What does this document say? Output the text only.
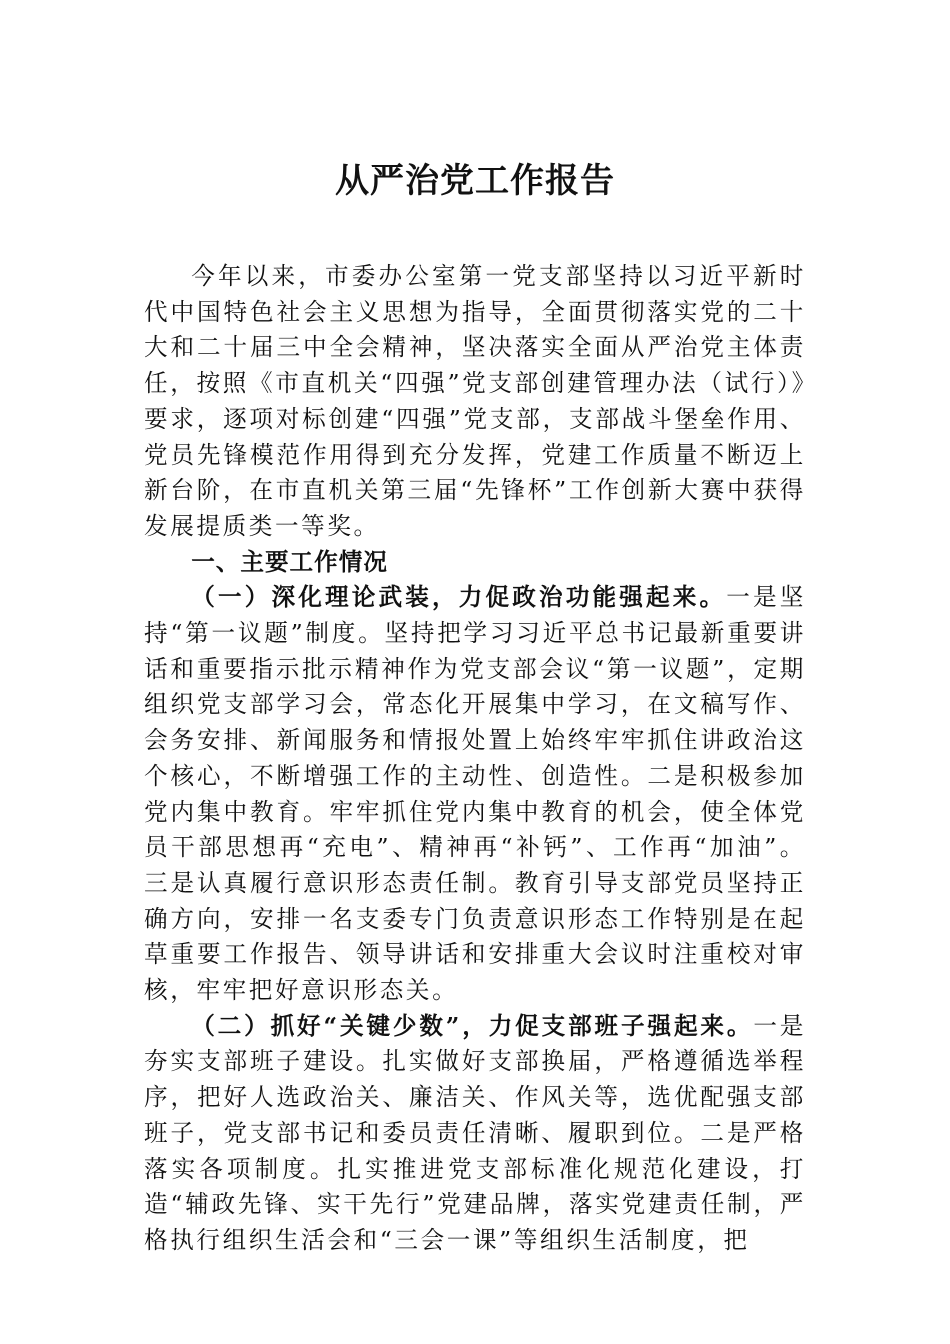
从严治党工作报告

今年以来，市委办公室第一党支部坚持以习近平新时代中国特色社会主义思想为指导，全面贯彻落实党的二十大和二十届三中全会精神，坚决落实全面从严治党主体责任，按照《市直机关“四强”党支部创建管理办法（试行）》要求，逐项对标创建“四强”党支部，支部战斗堡垒作用、党员先锋模范作用得到充分发挥，党建工作质量不断迈上新台阶，在市直机关第三届“先锋杯”工作创新大赛中获得发展提质类一等奖。

一、主要工作情况

（一）深化理论武装，力促政治功能强起来。一是坚持“第一议题”制度。坚持把学习习近平总书记最新重要讲话和重要指示批示精神作为党支部会议“第一议题”，定期组织党支部学习会，常态化开展集中学习，在文稿写作、会务安排、新闻服务和情报处置上始终牢牢抓住讲政治这个核心，不断增强工作的主动性、创造性。二是积极参加党内集中教育。牢牢抓住党内集中教育的机会，使全体党员干部思想再“充电”、精神再“补钙”、工作再“加油”。三是认真履行意识形态责任制。教育引导支部党员坚持正确方向，安排一名支委专门负责意识形态工作特别是在起草重要工作报告、领导讲话和安排重大会议时注重校对审核，牢牢把好意识形态关。

（二）抓好“关键少数”，力促支部班子强起来。一是夯实支部班子建设。扎实做好支部换届，严格遵循选举程序，把好人选政治关、廉洁关、作风关等，选优配强支部班子，党支部书记和委员责任清晰、履职到位。二是严格落实各项制度。扎实推进党支部标准化规范化建设，打造“辅政先锋、实干先行”党建品牌，落实党建责任制，严格执行组织生活会和“三会一课”等组织生活制度，把
